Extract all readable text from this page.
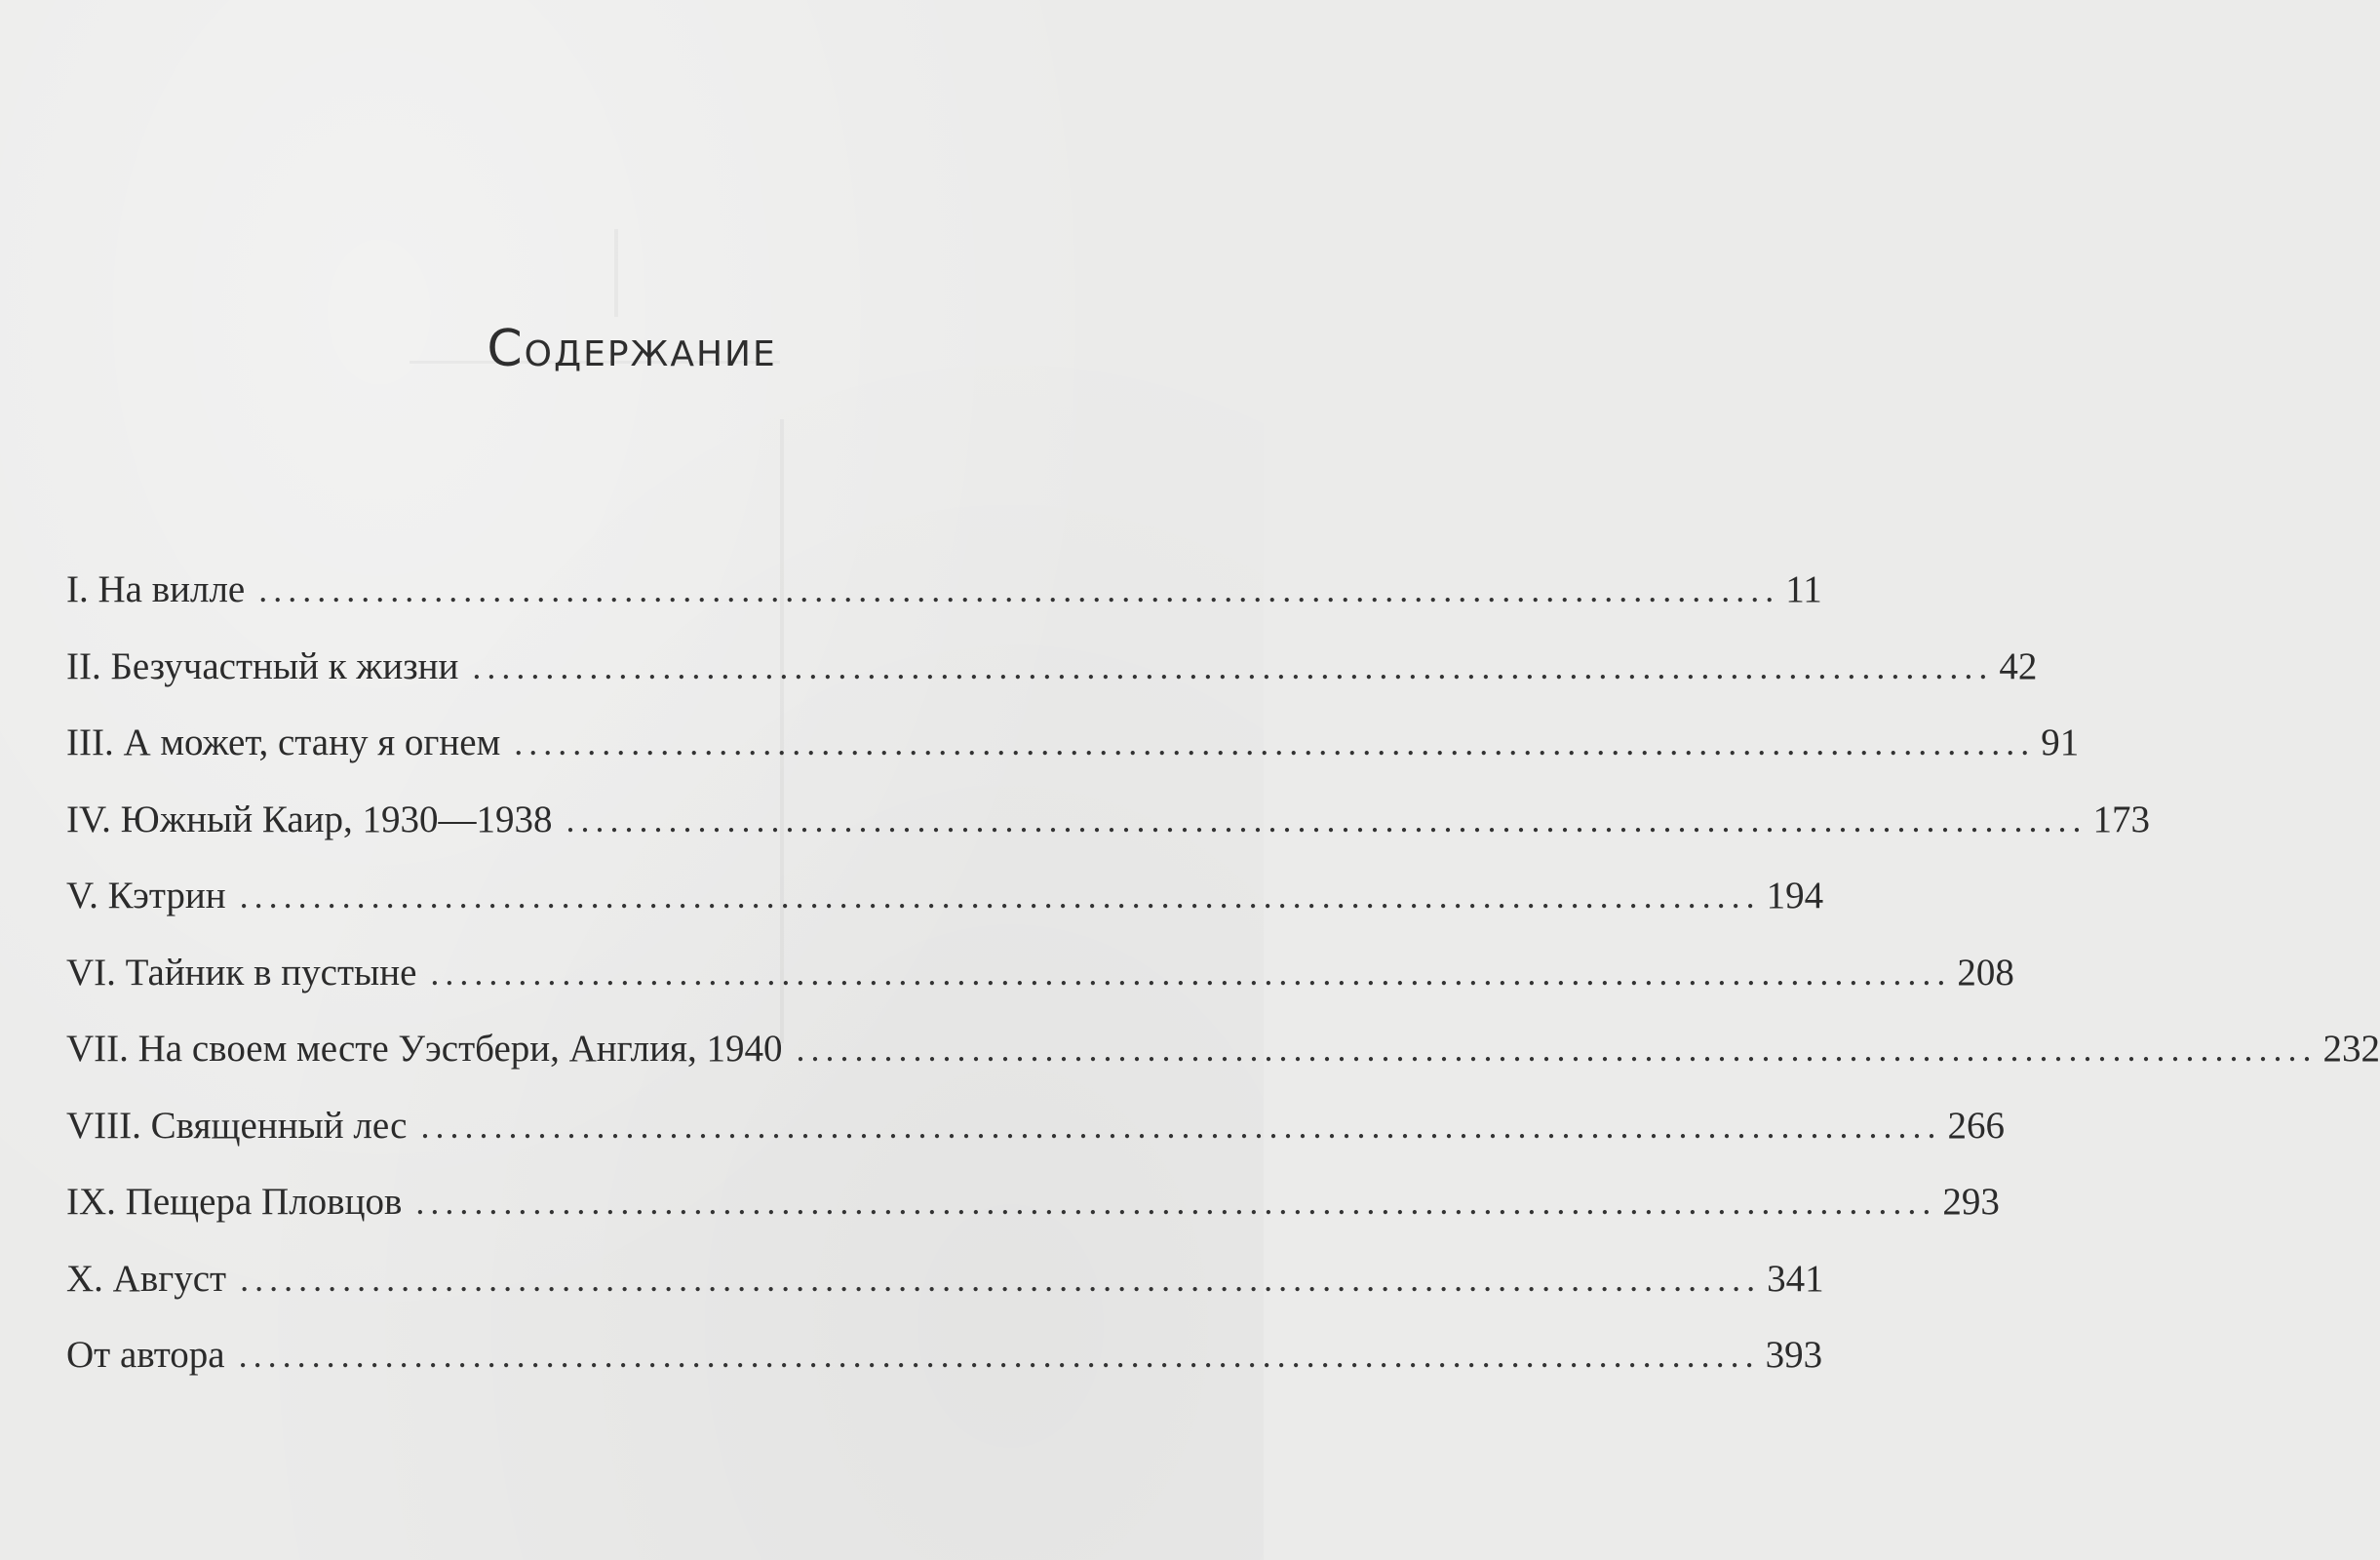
Содержание
I. На вилле ........................................................................................................ 11
II. Безучастный к жизни ........................................................................................................ 42
III. А может, стану я огнем ........................................................................................................ 91
IV. Южный Каир, 1930—1938 ........................................................................................................ 173
V. Кэтрин ........................................................................................................ 194
VI. Тайник в пустыне ........................................................................................................ 208
VII. На своем месте Уэстбери, Англия, 1940 ........................................................................................................ 232
VIII. Священный лес ........................................................................................................ 266
IX. Пещера Пловцов ........................................................................................................ 293
X. Август ........................................................................................................ 341
От автора ........................................................................................................ 393
